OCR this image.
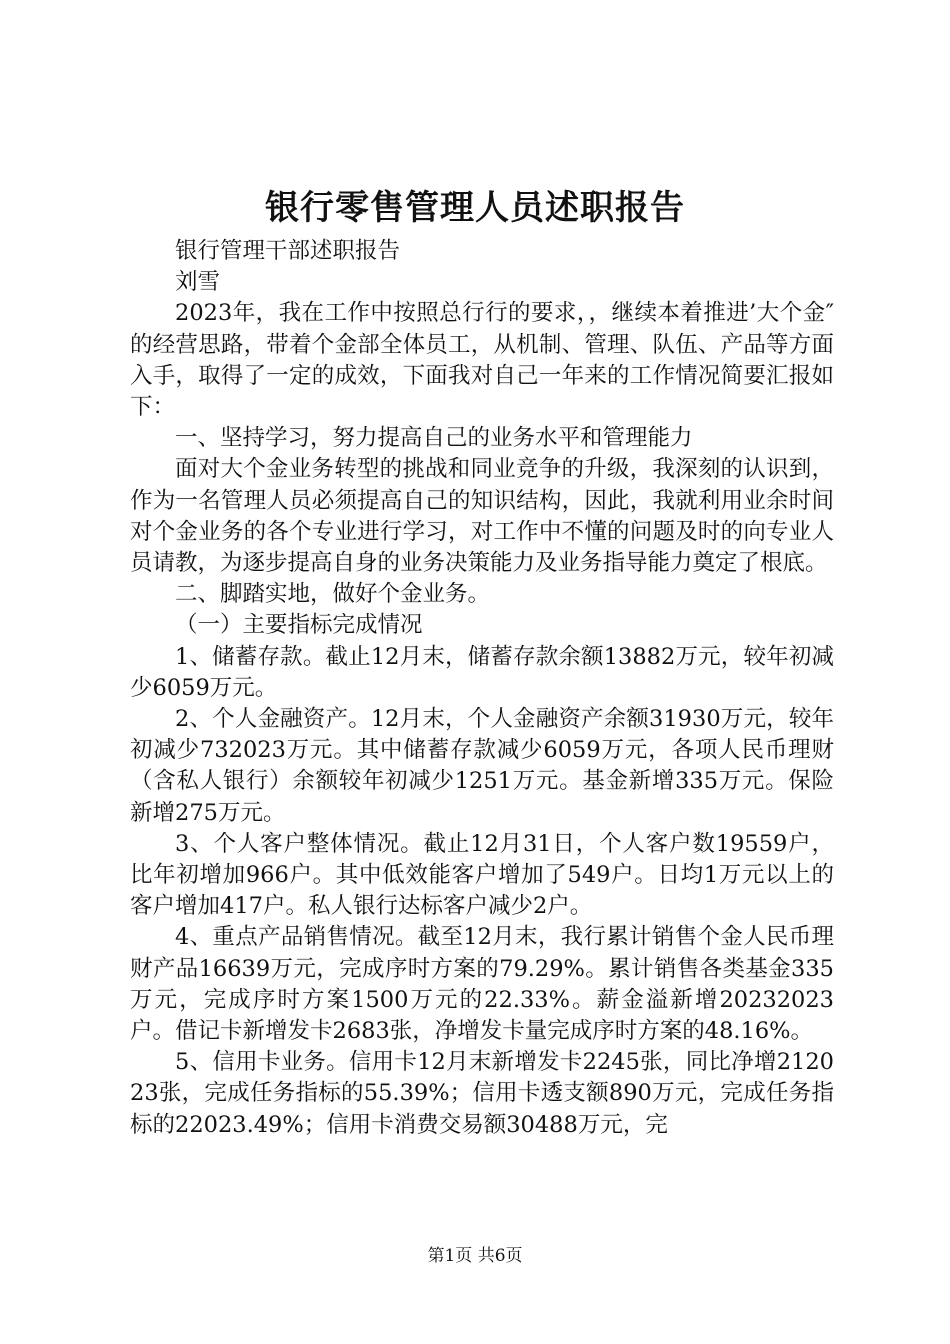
银行零售管理人员述职报告

银行管理干部述职报告

刘雪

2023年，我在工作中按照总行行的要求，，继续本着推进’大个金″的经营思路，带着个金部全体员工，从机制、管理、队伍、产品等方面入手，取得了一定的成效，下面我对自己一年来的工作情况简要汇报如下：

一、坚持学习，努力提高自己的业务水平和管理能力

面对大个金业务转型的挑战和同业竞争的升级，我深刻的认识到，作为一名管理人员必须提高自己的知识结构，因此，我就利用业余时间对个金业务的各个专业进行学习，对工作中不懂的问题及时的向专业人员请教，为逐步提高自身的业务决策能力及业务指导能力奠定了根底。

二、脚踏实地，做好个金业务。

（一）主要指标完成情况

1、储蓄存款。截止12月末，储蓄存款余额13882万元，较年初减少6059万元。

2、个人金融资产。12月末，个人金融资产余额31930万元，较年初减少732023万元。其中储蓄存款减少6059万元，各项人民币理财（含私人银行）余额较年初减少1251万元。基金新增335万元。保险新增275万元。

3、个人客户整体情况。截止12月31日，个人客户数19559户，比年初增加966户。其中低效能客户增加了549户。日均1万元以上的客户增加417户。私人银行达标客户减少2户。

4、重点产品销售情况。截至12月末，我行累计销售个金人民币理财产品16639万元，完成序时方案的79.29%。累计销售各类基金335万元，完成序时方案1500万元的22.33%。薪金溢新增20232023户。借记卡新增发卡2683张，净增发卡量完成序时方案的48.16%。

5、信用卡业务。信用卡12月末新增发卡2245张，同比净增212023张，完成任务指标的55.39%；信用卡透支额890万元，完成任务指标的22023.49%；信用卡消费交易额30488万元，完

第1页 共6页
